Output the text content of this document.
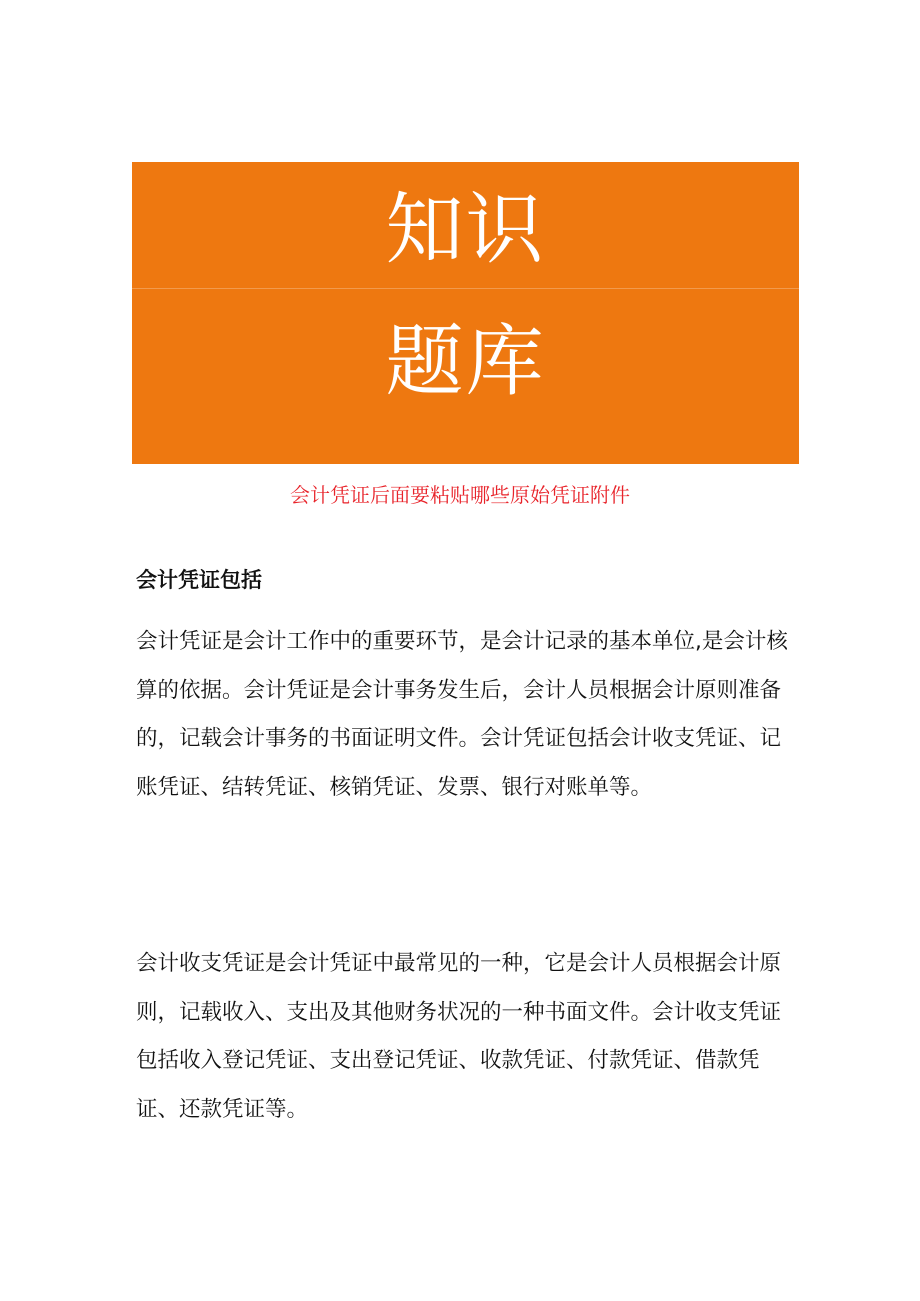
知识
题库
会计凭证后面要粘贴哪些原始凭证附件
会计凭证包括
会计凭证是会计工作中的重要环节，是会计记录的基本单位,是会计核算的依据。会计凭证是会计事务发生后，会计人员根据会计原则准备的，记载会计事务的书面证明文件。会计凭证包括会计收支凭证、记账凭证、结转凭证、核销凭证、发票、银行对账单等。
会计收支凭证是会计凭证中最常见的一种，它是会计人员根据会计原则，记载收入、支出及其他财务状况的一种书面文件。会计收支凭证包括收入登记凭证、支出登记凭证、收款凭证、付款凭证、借款凭证、还款凭证等。
